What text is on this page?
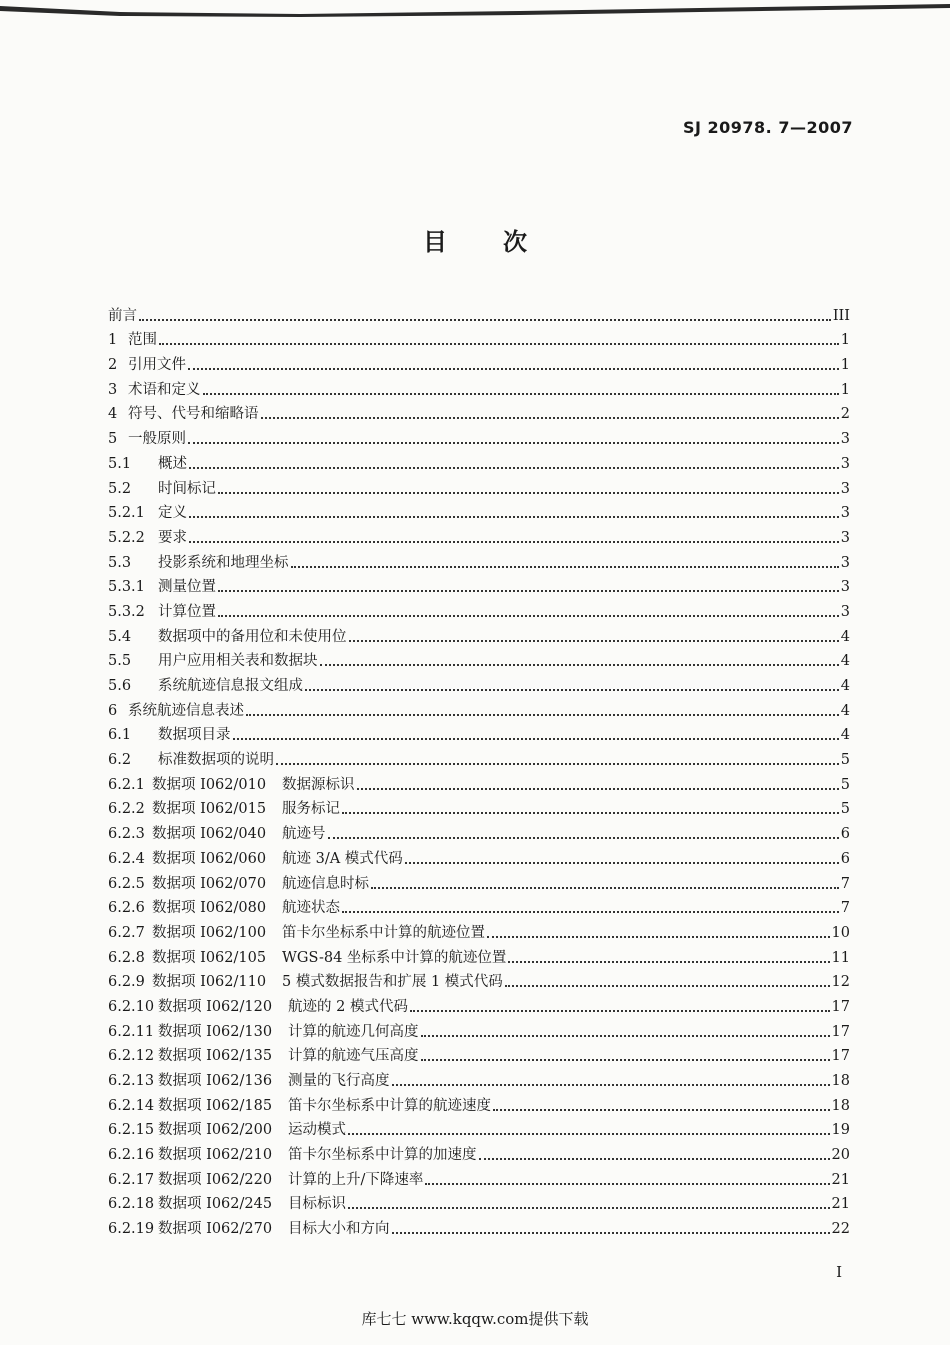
SJ 20978. 7—2007
目次
前言	III
1 范围	1
2 引用文件	1
3 术语和定义	1
4 符号、代号和缩略语	2
5 一般原则	3
5.1	概述	3
5.2	时间标记	3
5.2.1 定义	3
5.2.2 要求	3
5.3	投影系统和地理坐标	3
5.3.1 测量位置	3
5.3.2 计算位置	3
5.4	数据项中的备用位和未使用位	4
5.5	用户应用相关表和数据块	4
5.6	系统航迹信息报文组成	4
6 系统航迹信息表述	4
6.1	数据项目录	4
6.2	标准数据项的说明	5
6.2.1 数据项 I062/010	数据源标识	5
6.2.2 数据项 I062/015	服务标记	5
6.2.3 数据项 I062/040	航迹号	6
6.2.4 数据项 I062/060	航迹 3/A 模式代码	6
6.2.5 数据项 I062/070	航迹信息时标	7
6.2.6 数据项 I062/080	航迹状态	7
6.2.7 数据项 I062/100	笛卡尔坐标系中计算的航迹位置	10
6.2.8 数据项 I062/105	WGS-84 坐标系中计算的航迹位置	11
6.2.9 数据项 I062/110	5 模式数据报告和扩展 1 模式代码	12
6.2.10 数据项 I062/120	航迹的 2 模式代码	17
6.2.11 数据项 I062/130	计算的航迹几何高度	17
6.2.12 数据项 I062/135	计算的航迹气压高度	17
6.2.13 数据项 I062/136	测量的飞行高度	18
6.2.14 数据项 I062/185	笛卡尔坐标系中计算的航迹速度	18
6.2.15 数据项 I062/200	运动模式	19
6.2.16 数据项 I062/210	笛卡尔坐标系中计算的加速度	20
6.2.17 数据项 I062/220	计算的上升/下降速率	21
6.2.18 数据项 I062/245	目标标识	21
6.2.19 数据项 I062/270	目标大小和方向	22
I
库七七 www.kqqw.com提供下载
